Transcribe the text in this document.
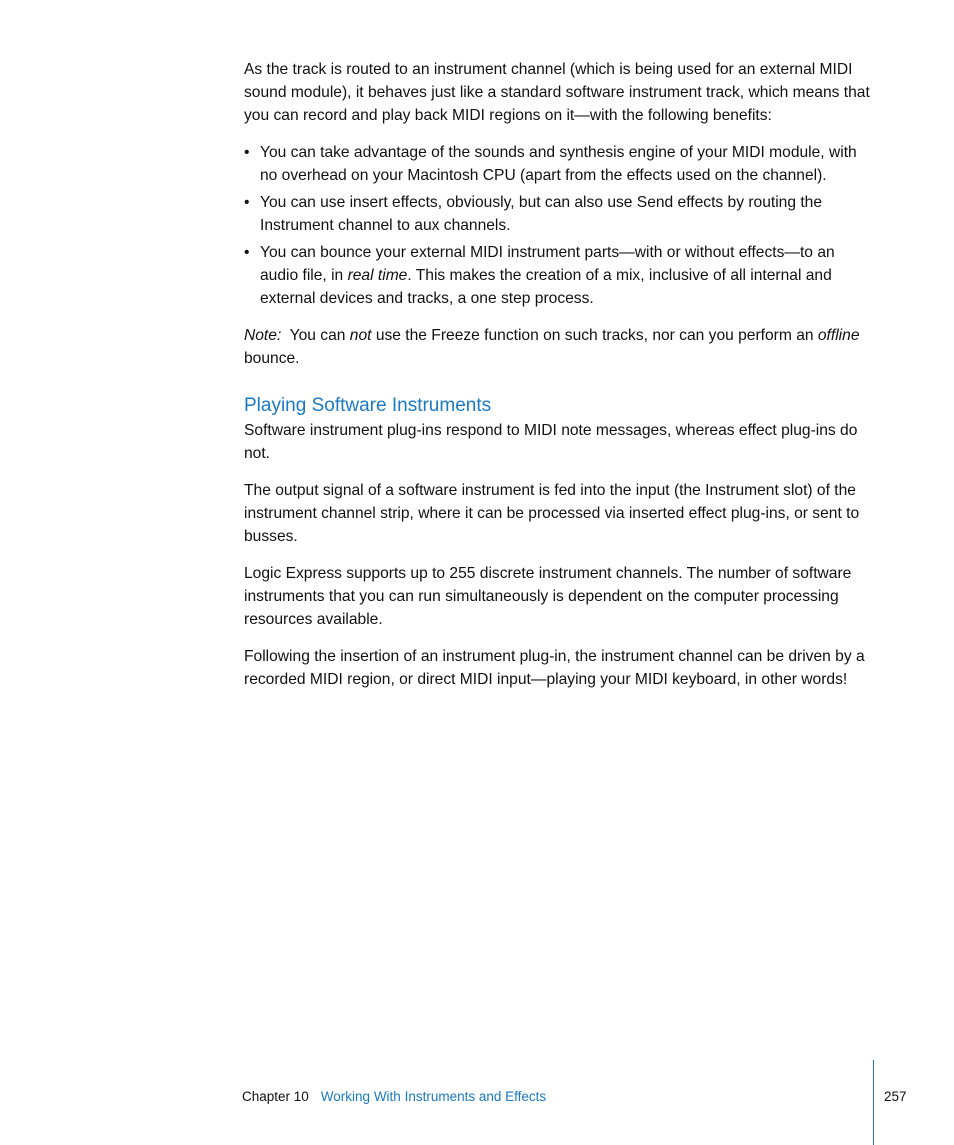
As the track is routed to an instrument channel (which is being used for an external MIDI sound module), it behaves just like a standard software instrument track, which means that you can record and play back MIDI regions on it—with the following benefits:

• You can take advantage of the sounds and synthesis engine of your MIDI module, with no overhead on your Macintosh CPU (apart from the effects used on the channel).
• You can use insert effects, obviously, but can also use Send effects by routing the Instrument channel to aux channels.
• You can bounce your external MIDI instrument parts—with or without effects—to an audio file, in real time. This makes the creation of a mix, inclusive of all internal and external devices and tracks, a one step process.

Note:  You can not use the Freeze function on such tracks, nor can you perform an offline bounce.

Playing Software Instruments

Software instrument plug-ins respond to MIDI note messages, whereas effect plug-ins do not.

The output signal of a software instrument is fed into the input (the Instrument slot) of the instrument channel strip, where it can be processed via inserted effect plug-ins, or sent to busses.

Logic Express supports up to 255 discrete instrument channels. The number of software instruments that you can run simultaneously is dependent on the computer processing resources available.

Following the insertion of an instrument plug-in, the instrument channel can be driven by a recorded MIDI region, or direct MIDI input—playing your MIDI keyboard, in other words!

Chapter 10 Working With Instruments and Effects	257
